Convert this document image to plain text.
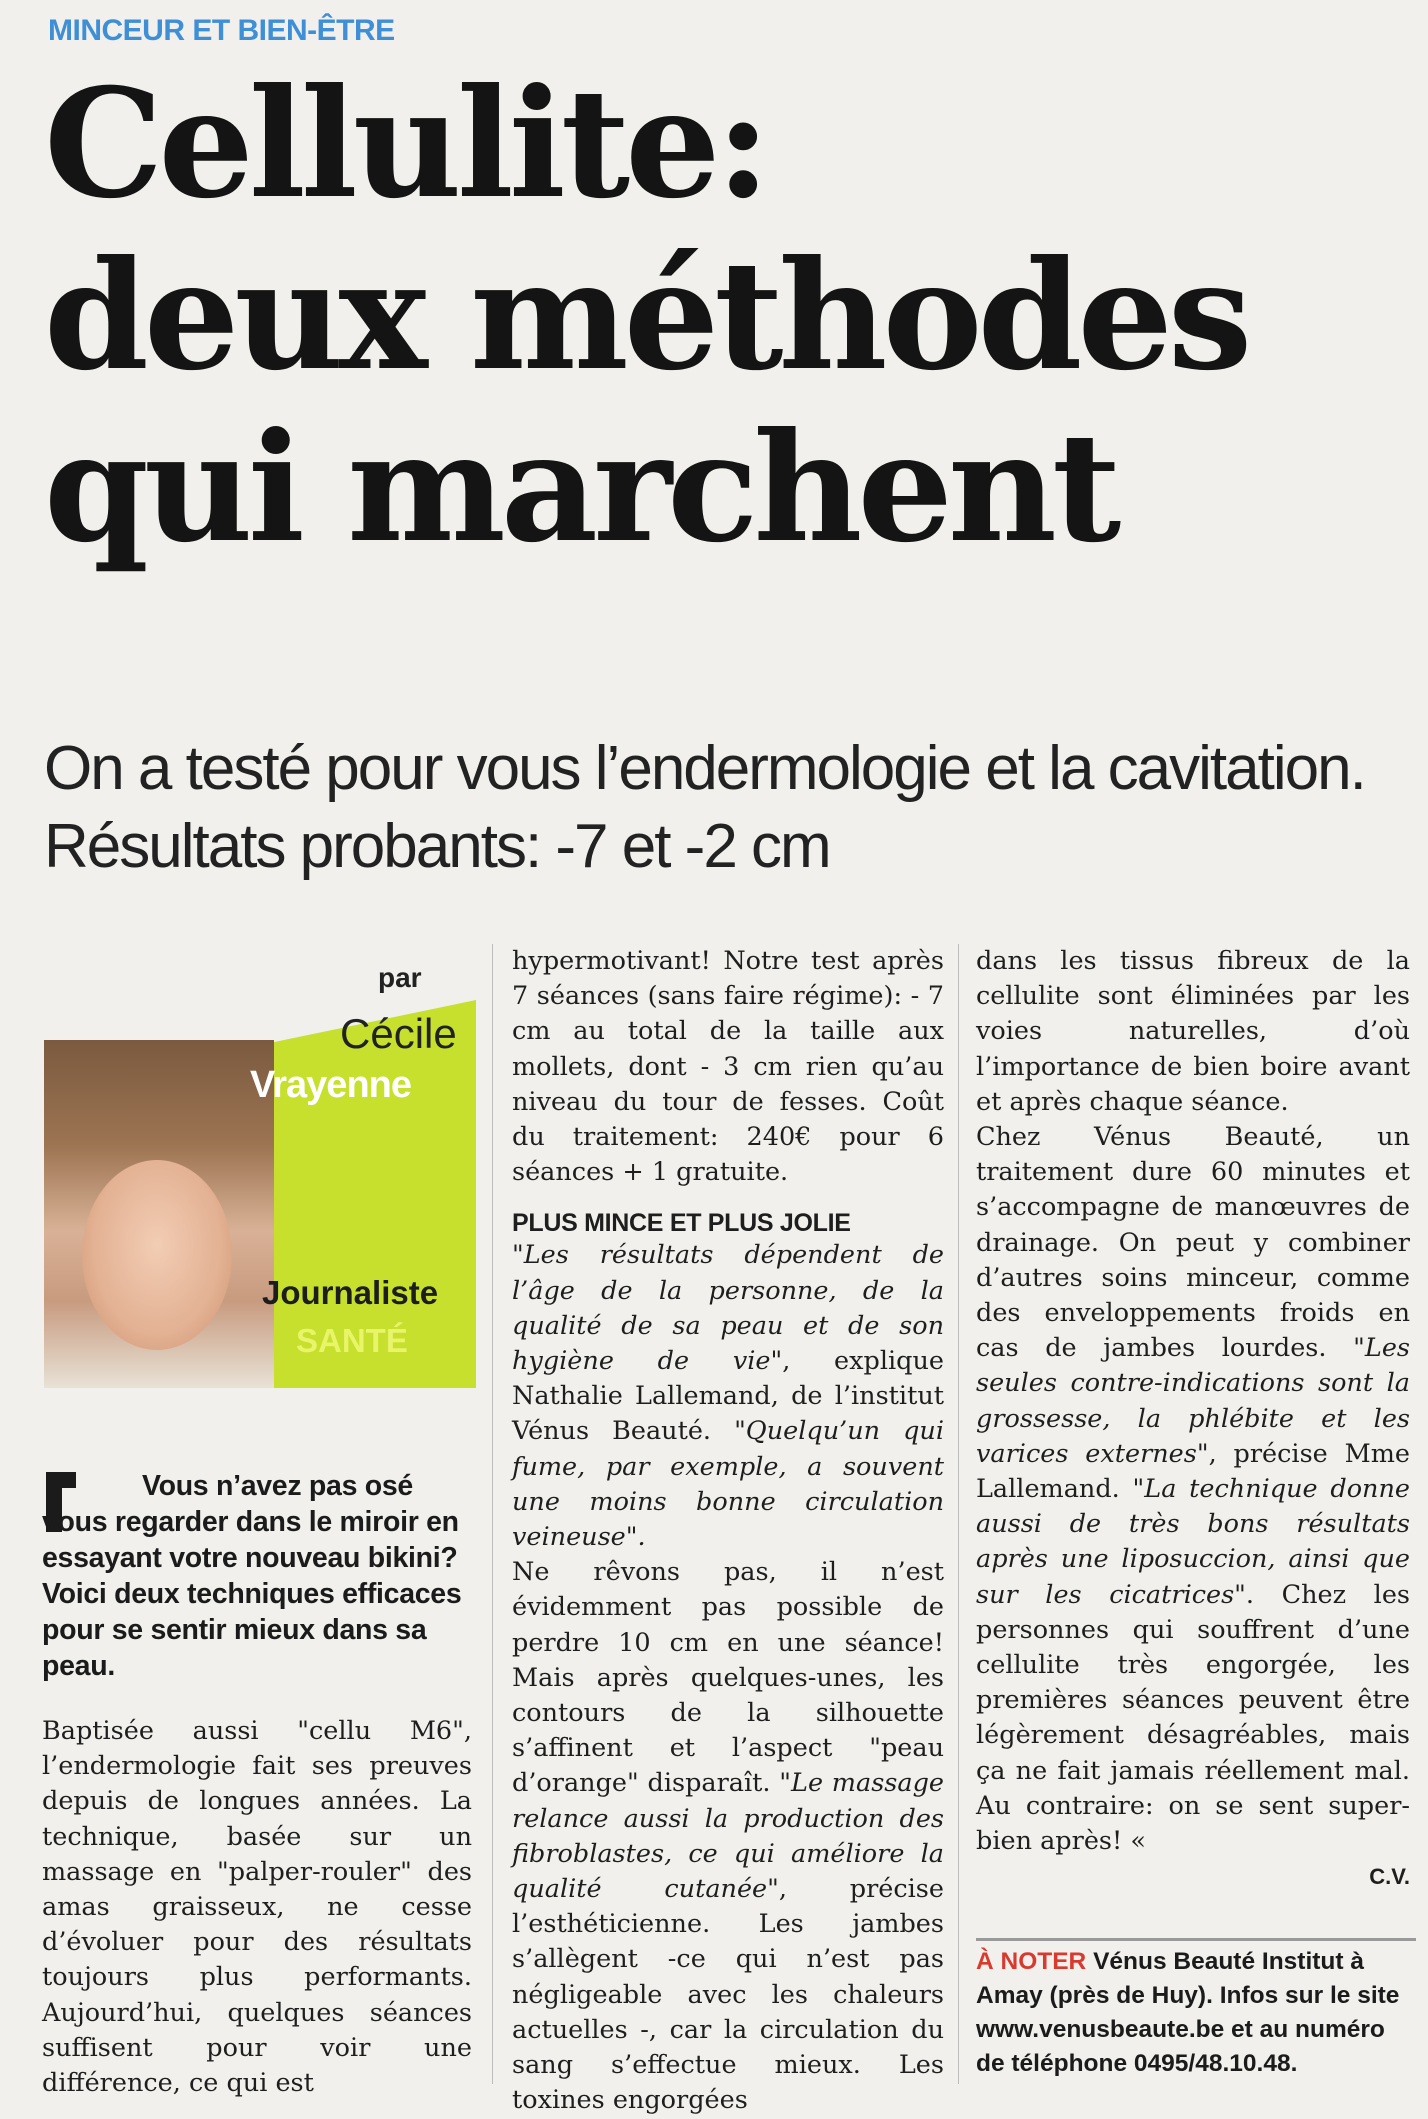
MINCEUR ET BIEN-ÊTRE
Cellulite:
deux méthodes
qui marchent

On a testé pour vous l’endermologie et la cavitation. Résultats probants: -7 et -2 cm

par
Cécile
Vrayenne
Journaliste
SANTÉ

Vous n’avez pas osé vous regarder dans le miroir en essayant votre nouveau bikini? Voici deux techniques efficaces pour se sentir mieux dans sa peau.

Baptisée aussi "cellu M6", l’endermologie fait ses preuves depuis de longues années. La technique, basée sur un massage en "palper-rouler" des amas graisseux, ne cesse d’évoluer pour des résultats toujours plus performants. Aujourd’hui, quelques séances suffisent pour voir une différence, ce qui est

hypermotivant! Notre test après 7 séances (sans faire régime): - 7 cm au total de la taille aux mollets, dont - 3 cm rien qu’au niveau du tour de fesses. Coût du traitement: 240€ pour 6 séances + 1 gratuite.

PLUS MINCE ET PLUS JOLIE

"Les résultats dépendent de l’âge de la personne, de la qualité de sa peau et de son hygiène de vie", explique Nathalie Lallemand, de l’institut Vénus Beauté. "Quelqu’un qui fume, par exemple, a souvent une moins bonne circulation veineuse".

Ne rêvons pas, il n’est évidemment pas possible de perdre 10 cm en une séance! Mais après quelques-unes, les contours de la silhouette s’affinent et l’aspect "peau d’orange" disparaît. "Le massage relance aussi la production des fibroblastes, ce qui améliore la qualité cutanée", précise l’esthéticienne. Les jambes s’allègent -ce qui n’est pas négligeable avec les chaleurs actuelles -, car la circulation du sang s’effectue mieux. Les toxines engorgées

dans les tissus fibreux de la cellulite sont éliminées par les voies naturelles, d’où l’importance de bien boire avant et après chaque séance.

Chez Vénus Beauté, un traitement dure 60 minutes et s’accompagne de manœuvres de drainage. On peut y combiner d’autres soins minceur, comme des enveloppements froids en cas de jambes lourdes. "Les seules contre-indications sont la grossesse, la phlébite et les varices externes", précise Mme Lallemand. "La technique donne aussi de très bons résultats après une liposuccion, ainsi que sur les cicatrices". Chez les personnes qui souffrent d’une cellulite très engorgée, les premières séances peuvent être légèrement désagréables, mais ça ne fait jamais réellement mal. Au contraire: on se sent super-bien après! «

C.V.

À NOTER Vénus Beauté Institut à Amay (près de Huy). Infos sur le site www.venusbeaute.be et au numéro de téléphone 0495/48.10.48.
